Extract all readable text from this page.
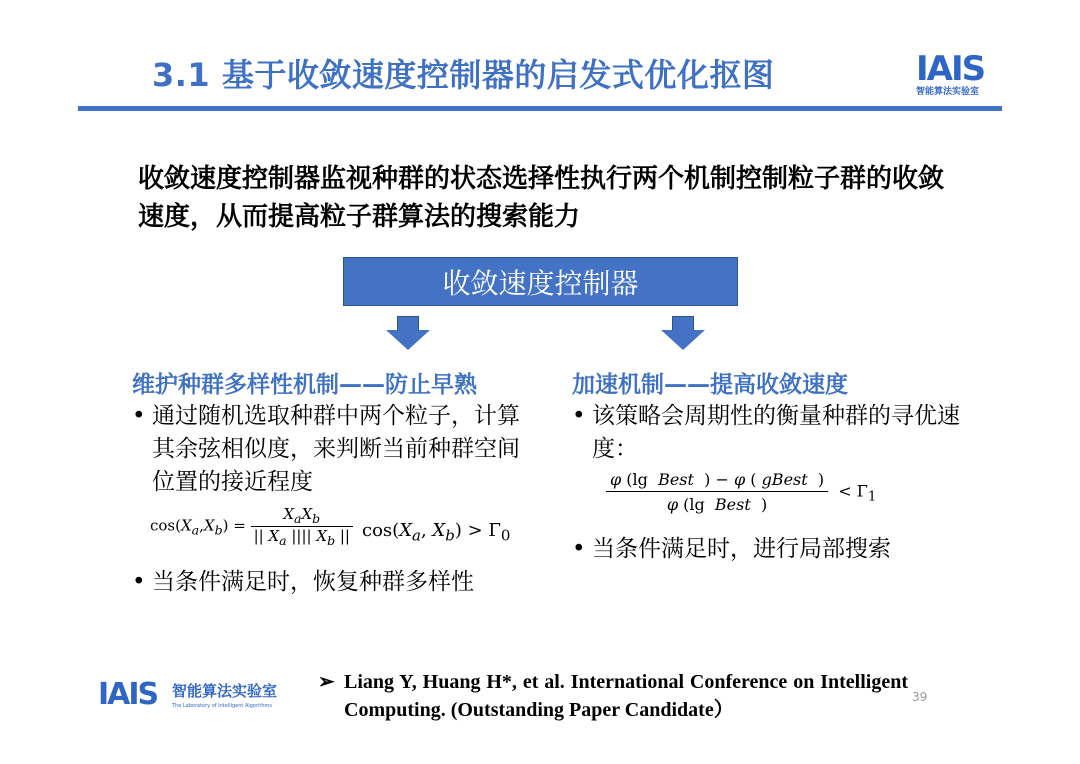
3.1 基于收敛速度控制器的启发式优化抠图	IAIS
智能算法实验室
收敛速度控制器监视种群的状态选择性执行两个机制控制粒子群的收敛速度，从而提高粒子群算法的搜索能力
收敛速度控制器
维护种群多样性机制——防止早熟
• 通过随机选取种群中两个粒子，计算其余弦相似度，来判断当前种群空间位置的接近程度
$\cos(X_a,X_b) = \frac{X_aX_b}{|| X_a |||| X_b ||} \cos(X_a$, $X_b) > \Gamma_0$
• 当条件满足时，恢复种群多样性
加速机制——提高收敛速度
• 该策略会周期性的衡量种群的寻优速度：
$\frac{\text{φ (lg  Best  ) − φ ( gBest  )}}{\text{φ (lg  Best  )}} < \Gamma_1$
• 当条件满足时，进行局部搜索
IAIS 智能算法实验室
The Laboratory of Intelligent Algorithms
➢ Liang Y, Huang H*, et al. International Conference on Intelligent Computing. (Outstanding Paper Candidate）
39
